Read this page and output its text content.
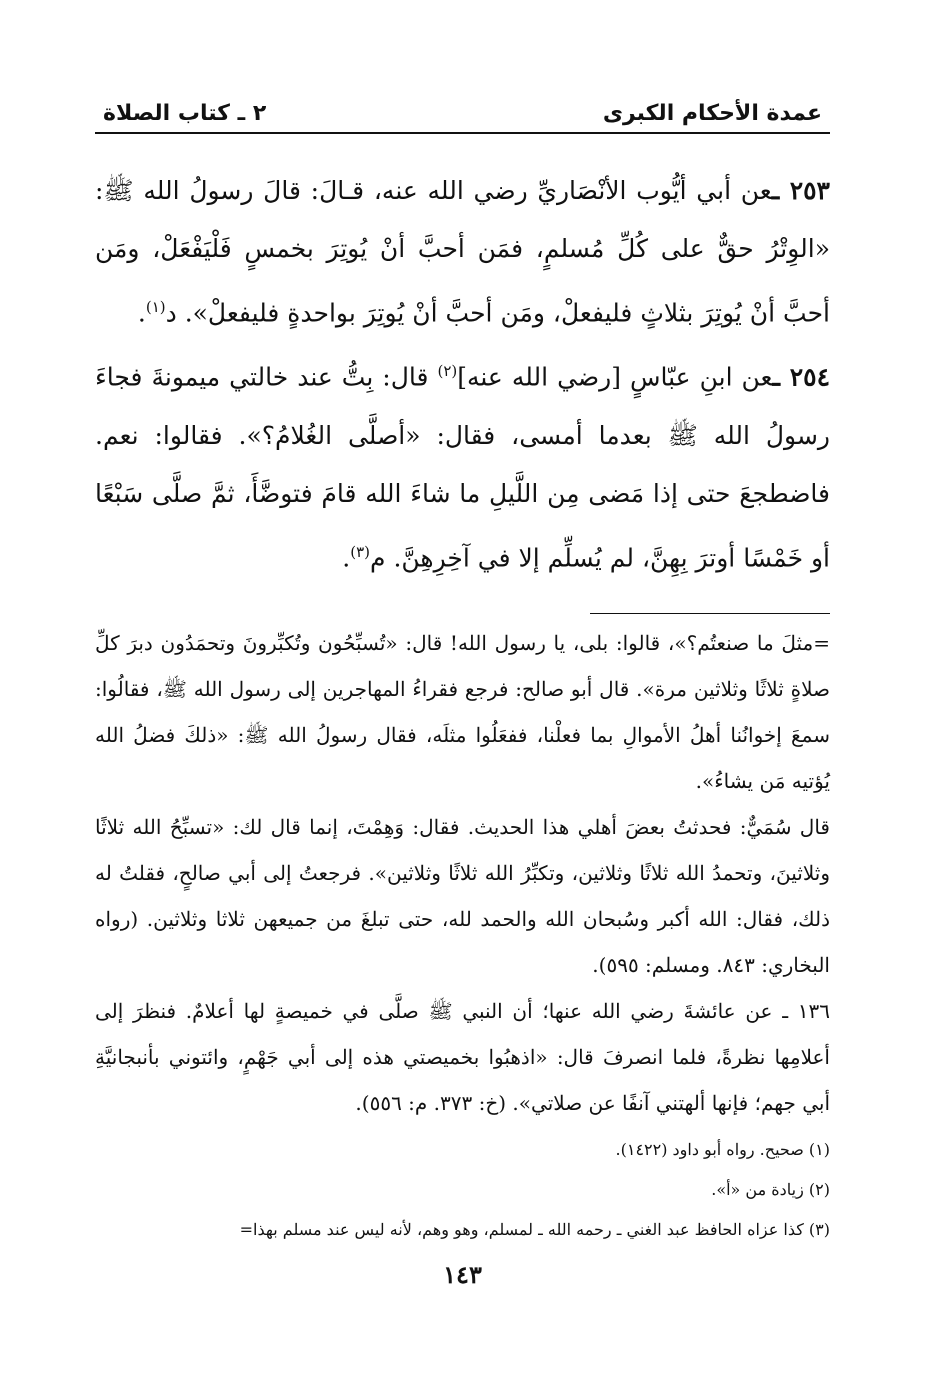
عمدة الأحكام الكبرى
٢ ـ كتاب الصلاة

٢٥٣ ـعن أبي أيُّوب الأنْصَاريِّ رضي الله عنه، قـالَ: قالَ رسولُ الله ﷺ: «الوِتْرُ حقٌّ على كُلِّ مُسلمٍ، فمَن أحبَّ أنْ يُوتِرَ بخمسٍ فَلْيَفْعَلْ، ومَن أحبَّ أنْ يُوتِرَ بثلاثٍ فليفعلْ، ومَن أحبَّ أنْ يُوتِرَ بواحدةٍ فليفعلْ». د$^{(١)}$.

٢٥٤ ـعن ابنِ عبّاسٍ [رضي الله عنه]$^{(٢)}$ قال: بِتُّ عند خالتي ميمونةَ فجاءَ رسولُ الله ﷺ بعدما أمسى، فقال: «أصلَّى الغُلامُ؟». فقالوا: نعم. فاضطجعَ حتى إذا مَضى مِن اللَّيلِ ما شاءَ الله قامَ فتوضَّأَ، ثمَّ صلَّى سَبْعًا أو خَمْسًا أوترَ بِهِنَّ، لم يُسلِّم إلا في آخِرِهِنَّ. م$^{(٣)}$.

=مثلَ ما صنعتُم؟»، قالوا: بلى، يا رسول الله! قال: «تُسبِّحُون وتُكبِّرونَ وتحمَدُون دبرَ كلِّ صلاةٍ ثلاثًا وثلاثين مرة». قال أبو صالح: فرجع فقراءُ المهاجرين إلى رسول الله ﷺ، فقالُوا: سمعَ إخوانُنا أهلُ الأموالِ بما فعلْنا، ففعَلُوا مثلَه، فقال رسولُ الله ﷺ: «ذلكَ فضلُ الله يُؤتيه مَن يشاءُ».

قال سُمَيٌّ: فحدثتُ بعضَ أهلي هذا الحديث. فقال: وَهِمْتَ، إنما قال لك: «تسبِّحُ الله ثلاثًا وثلاثينَ، وتحمدُ الله ثلاثًا وثلاثين، وتكبِّرُ الله ثلاثًا وثلاثين». فرجعتُ إلى أبي صالحٍ، فقلتُ له ذلك، فقال: الله أكبر وسُبحان الله والحمد لله، حتى تبلغَ من جميعهن ثلاثا وثلاثين. (رواه البخاري: ٨٤٣. ومسلم: ٥٩٥).

١٣٦ ـ عن عائشةَ رضي الله عنها؛ أن النبي ﷺ صلَّى في خميصةٍ لها أعلامٌ. فنظرَ إلى أعلامِها نظرةً، فلما انصرفَ قال: «اذهبُوا بخميصتي هذه إلى أبي جَهْمٍ، وائتوني بأنبجانيَّةِ أبي جهم؛ فإنها ألهتني آنفًا عن صلاتي». (خ: ٣٧٣. م: ٥٥٦).

(١) صحيح. رواه أبو داود (١٤٢٢).

(٢) زيادة من «أ».

(٣) كذا عزاه الحافظ عبد الغني ـ رحمه الله ـ لمسلم، وهو وهم، لأنه ليس عند مسلم بهذا=

١٤٣
